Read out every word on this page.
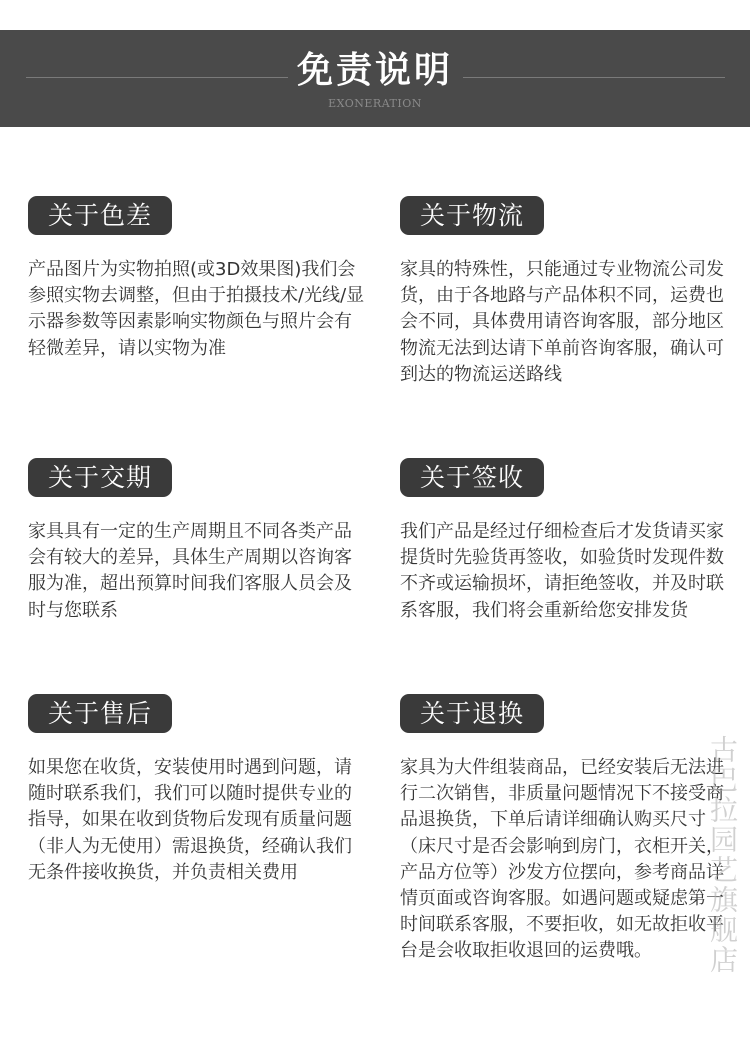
免责说明
EXONERATION
关于色差
产品图片为实物拍照(或3D效果图)我们会参照实物去调整，但由于拍摄技术/光线/显示器参数等因素影响实物颜色与照片会有轻微差异，请以实物为准
关于物流
家具的特殊性，只能通过专业物流公司发货，由于各地路与产品体积不同，运费也会不同，具体费用请咨询客服，部分地区物流无法到达请下单前咨询客服，确认可到达的物流运送路线
关于交期
家具具有一定的生产周期且不同各类产品会有较大的差异，具体生产周期以咨询客服为准，超出预算时间我们客服人员会及时与您联系
关于签收
我们产品是经过仔细检查后才发货请买家提货时先验货再签收，如验货时发现件数不齐或运输损坏，请拒绝签收，并及时联系客服，我们将会重新给您安排发货
关于售后
如果您在收货，安装使用时遇到问题，请随时联系我们，我们可以随时提供专业的指导，如果在收到货物后发现有质量问题（非人为无使用）需退换货，经确认我们无条件接收换货，并负责相关费用
关于退换
家具为大件组装商品，已经安装后无法进行二次销售，非质量问题情况下不接受商品退换货，下单后请详细确认购买尺寸（床尺寸是否会影响到房门，衣柜开关，产品方位等）沙发方位摆向，参考商品详情页面或咨询客服。如遇问题或疑虑第一时间联系客服，不要拒收，如无故拒收平台是会收取拒收退回的运费哦。	古巴拉园艺旗舰店
